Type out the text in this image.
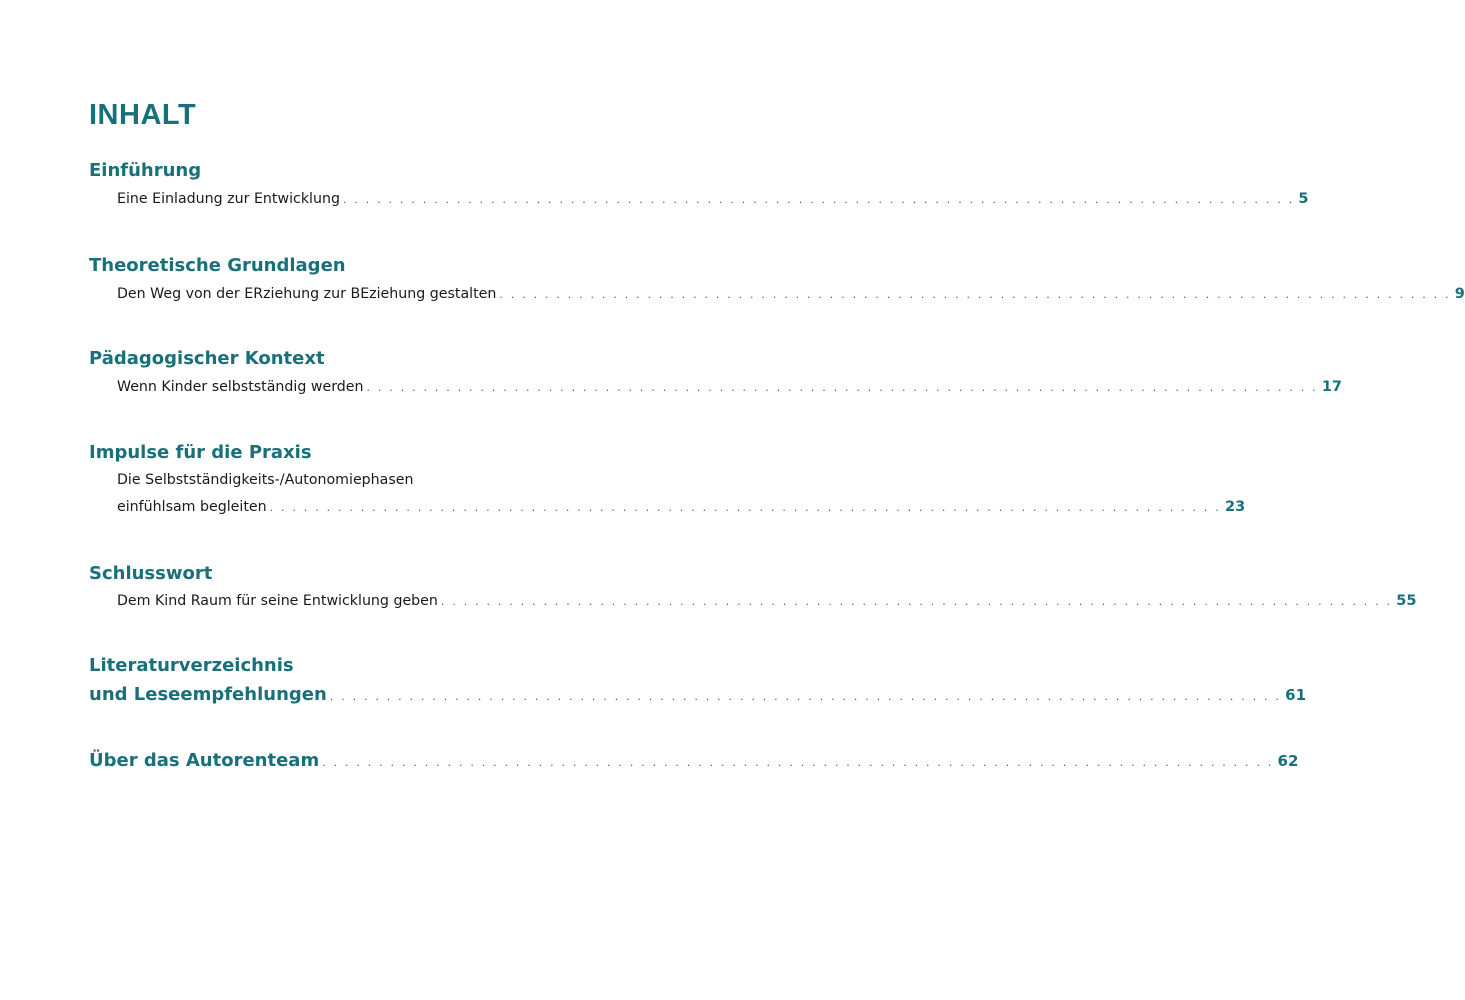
INHALT
Einführung
Eine Einladung zur Entwicklung . . . . . . . . . . . . . . . . . . . . . . . . . . . . . . . . . . . . . . . . . . . . . . . . . . . . . . . . . . . . . . . . . . . . . . . . . . . . . . . . . . . . 5
Theoretische Grundlagen
Den Weg von der ERziehung zur BEziehung gestalten . . . . . . . . . . . . . . . . . . . . . . . . . . . . . . . . . . . . . . . . . . . . . . . . . . . . . . . . . . . . . . . . . . . . . . . . . . . . . . . . . . . . 9
Pädagogischer Kontext
Wenn Kinder selbstständig werden . . . . . . . . . . . . . . . . . . . . . . . . . . . . . . . . . . . . . . . . . . . . . . . . . . . . . . . . . . . . . . . . . . . . . . . . . . . . . . . . . . . . 17
Impulse für die Praxis
Die Selbstständigkeits-/Autonomiephasen
einfühlsam begleiten . . . . . . . . . . . . . . . . . . . . . . . . . . . . . . . . . . . . . . . . . . . . . . . . . . . . . . . . . . . . . . . . . . . . . . . . . . . . . . . . . . . . 23
Schlusswort
Dem Kind Raum für seine Entwicklung geben . . . . . . . . . . . . . . . . . . . . . . . . . . . . . . . . . . . . . . . . . . . . . . . . . . . . . . . . . . . . . . . . . . . . . . . . . . . . . . . . . . . . 55
Literaturverzeichnis
und Leseempfehlungen . . . . . . . . . . . . . . . . . . . . . . . . . . . . . . . . . . . . . . . . . . . . . . . . . . . . . . . . . . . . . . . . . . . . . . . . . . . . . . . . . . . . 61
Über das Autorenteam . . . . . . . . . . . . . . . . . . . . . . . . . . . . . . . . . . . . . . . . . . . . . . . . . . . . . . . . . . . . . . . . . . . . . . . . . . . . . . . . . . . . 62
